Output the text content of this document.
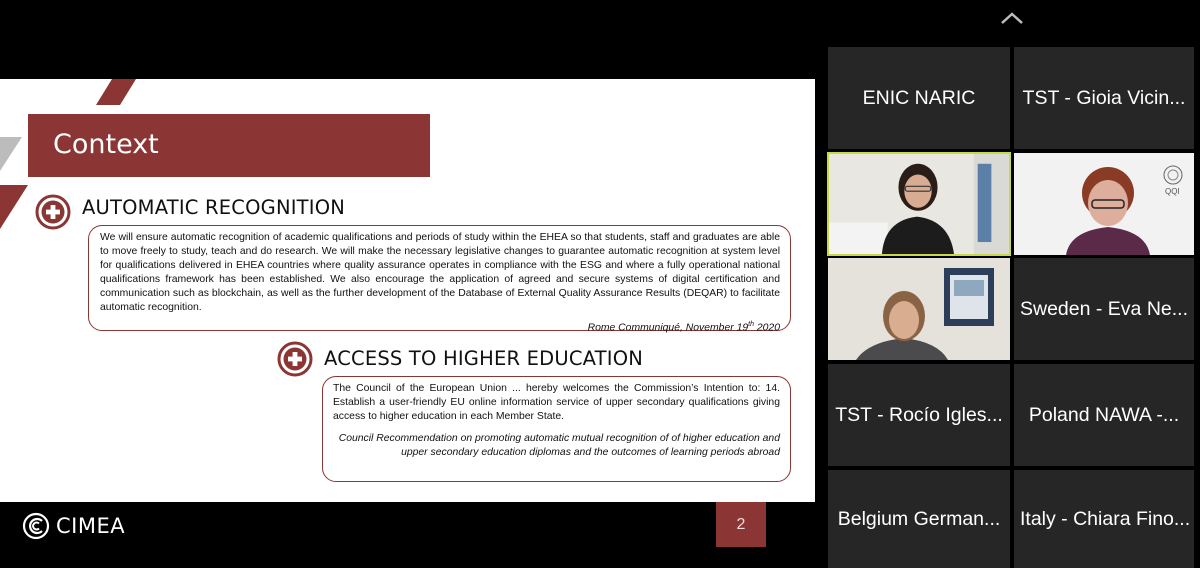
Context
AUTOMATIC RECOGNITION

We will ensure automatic recognition of academic qualifications and periods of study within the EHEA so that students, staff and graduates are able to move freely to study, teach and do research. We will make the necessary legislative changes to guarantee automatic recognition at system level for qualifications delivered in EHEA countries where quality assurance operates in compliance with the ESG and where a fully operational national qualifications framework has been established. We also encourage the application of agreed and secure systems of digital certification and communication such as blockchain, as well as the further development of the Database of External Quality Assurance Results (DEQAR) to facilitate automatic recognition.

Rome Communiqué, November 19th 2020

ACCESS TO HIGHER EDUCATION

The Council of the European Union ... hereby welcomes the Commission’s Intention to: 14. Establish a user-friendly EU online information service of upper secondary qualifications giving access to higher education in each Member State.

Council Recommendation on promoting automatic mutual recognition of of higher education and upper secondary education diplomas and the outcomes of learning periods abroad

CIMEA	2
ENIC NARIC	TST - Gioia Vicin...
QQI
Sweden - Eva Ne...
TST - Rocío Igles...	Poland NAWA -...
Belgium German...	Italy - Chiara Fino...
